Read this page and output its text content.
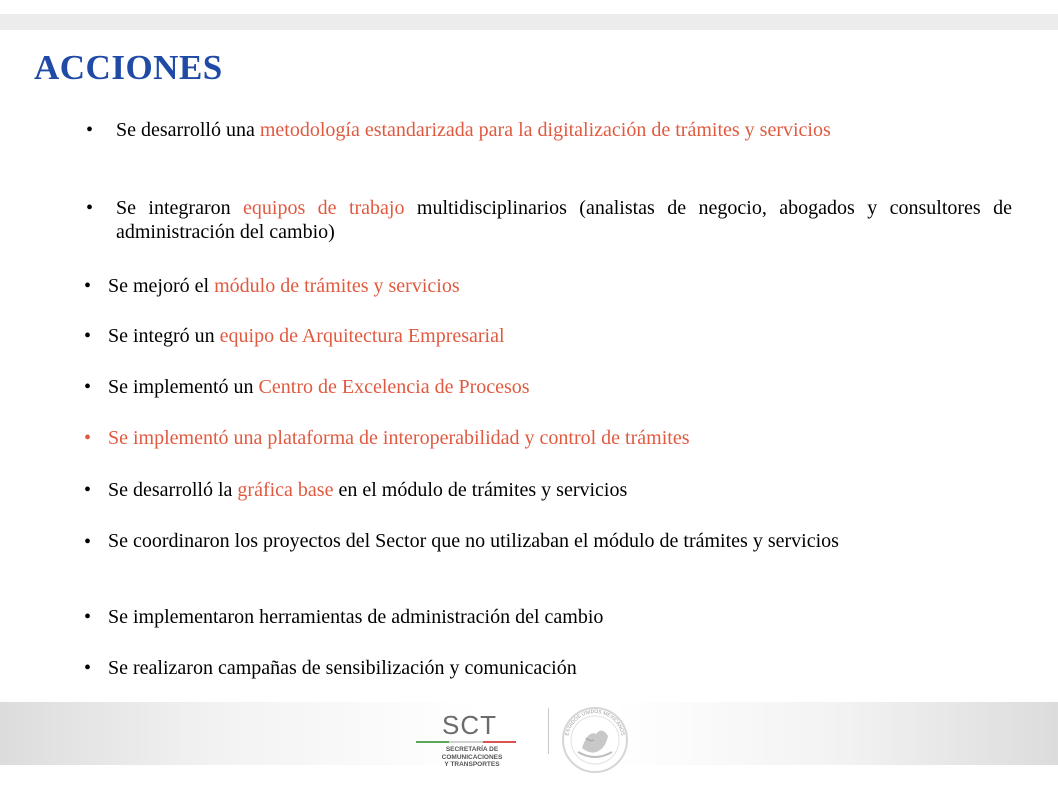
ACCIONES
• Se desarrolló una metodología estandarizada para la digitalización de trámites y servicios
• Se integraron equipos de trabajo multidisciplinarios (analistas de negocio, abogados y consultores de administración del cambio)
• Se mejoró el módulo de trámites y servicios
• Se integró un equipo de Arquitectura Empresarial
• Se implementó un Centro de Excelencia de Procesos
• Se implementó una plataforma de interoperabilidad y control de trámites
• Se desarrolló la gráfica base en el módulo de trámites y servicios
• Se coordinaron los proyectos del Sector que no utilizaban el módulo de trámites y servicios
• Se implementaron herramientas de administración del cambio
• Se realizaron campañas de sensibilización y comunicación
SCT
SECRETARÍA DE
COMUNICACIONES
Y TRANSPORTES
ESTADOS UNIDOS MEXICANOS
